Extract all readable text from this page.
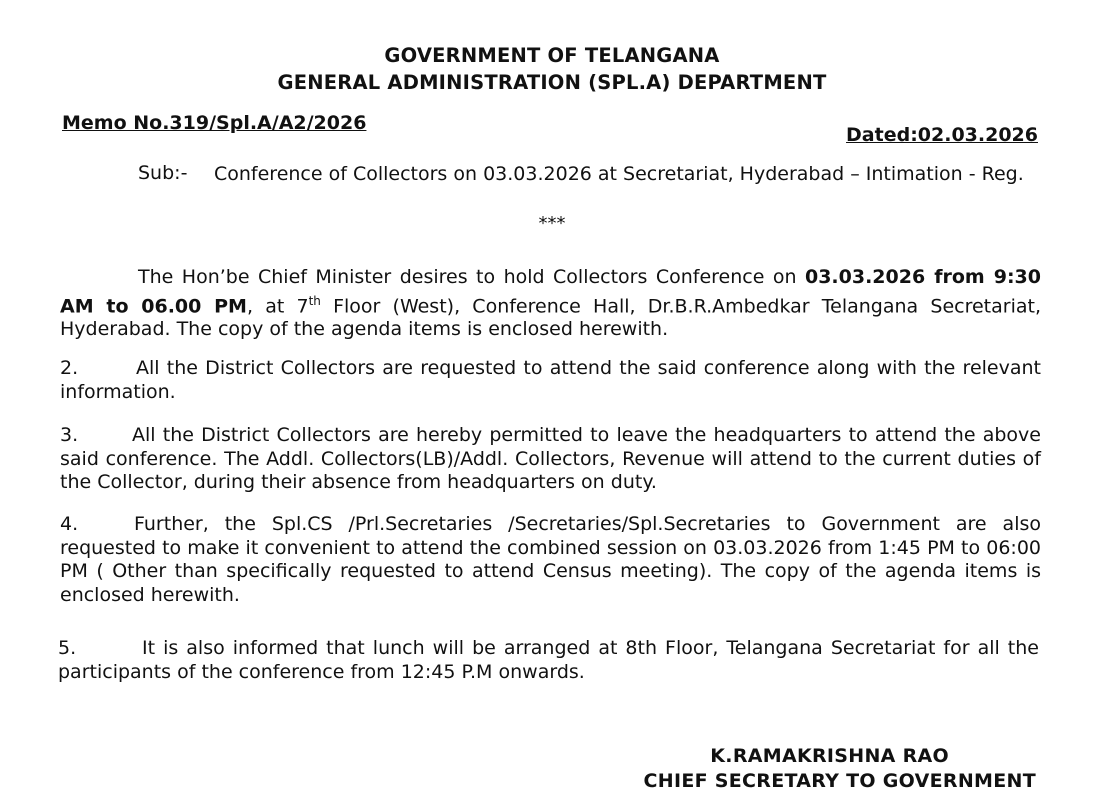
GOVERNMENT OF TELANGANA
GENERAL ADMINISTRATION (SPL.A) DEPARTMENT
Memo No.319/Spl.A/A2/2026
Dated:02.03.2026
Sub:- Conference of Collectors on 03.03.2026 at Secretariat, Hyderabad – Intimation - Reg.
***
The Hon’be Chief Minister desires to hold Collectors Conference on 03.03.2026 from 9:30 AM to 06.00 PM, at 7th Floor (West), Conference Hall, Dr.B.R.Ambedkar Telangana Secretariat, Hyderabad. The copy of the agenda items is enclosed herewith.
2.	All the District Collectors are requested to attend the said conference along with the relevant information.
3.	All the District Collectors are hereby permitted to leave the headquarters to attend the above said conference. The Addl. Collectors(LB)/Addl. Collectors, Revenue will attend to the current duties of the Collector, during their absence from headquarters on duty.
4.	Further, the Spl.CS /Prl.Secretaries /Secretaries/Spl.Secretaries to Government are also requested to make it convenient to attend the combined session on 03.03.2026 from 1:45 PM to 06:00 PM ( Other than specifically requested to attend Census meeting). The copy of the agenda items is enclosed herewith.
5.	It is also informed that lunch will be arranged at 8th Floor, Telangana Secretariat for all the participants of the conference from 12:45 P.M onwards.
K.RAMAKRISHNA RAO
CHIEF SECRETARY TO GOVERNMENT
